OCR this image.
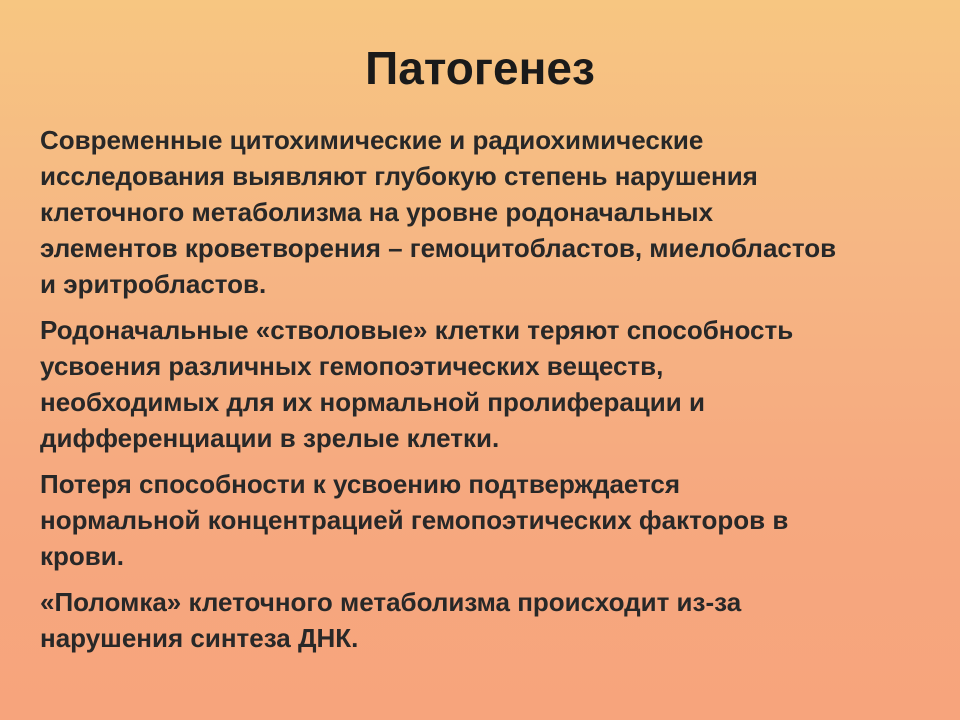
Патогенез

Современные цитохимические и радиохимические
исследования выявляют глубокую степень нарушения
клеточного метаболизма на уровне родоначальных
элементов кроветворения – гемоцитобластов, миелобластов
и эритробластов.

Родоначальные «стволовые» клетки теряют способность
усвоения различных гемопоэтических веществ,
необходимых для их нормальной пролиферации и
дифференциации в зрелые клетки.

Потеря способности к усвоению подтверждается
нормальной концентрацией гемопоэтических факторов в
крови.

«Поломка» клеточного метаболизма происходит из-за
нарушения синтеза ДНК.
